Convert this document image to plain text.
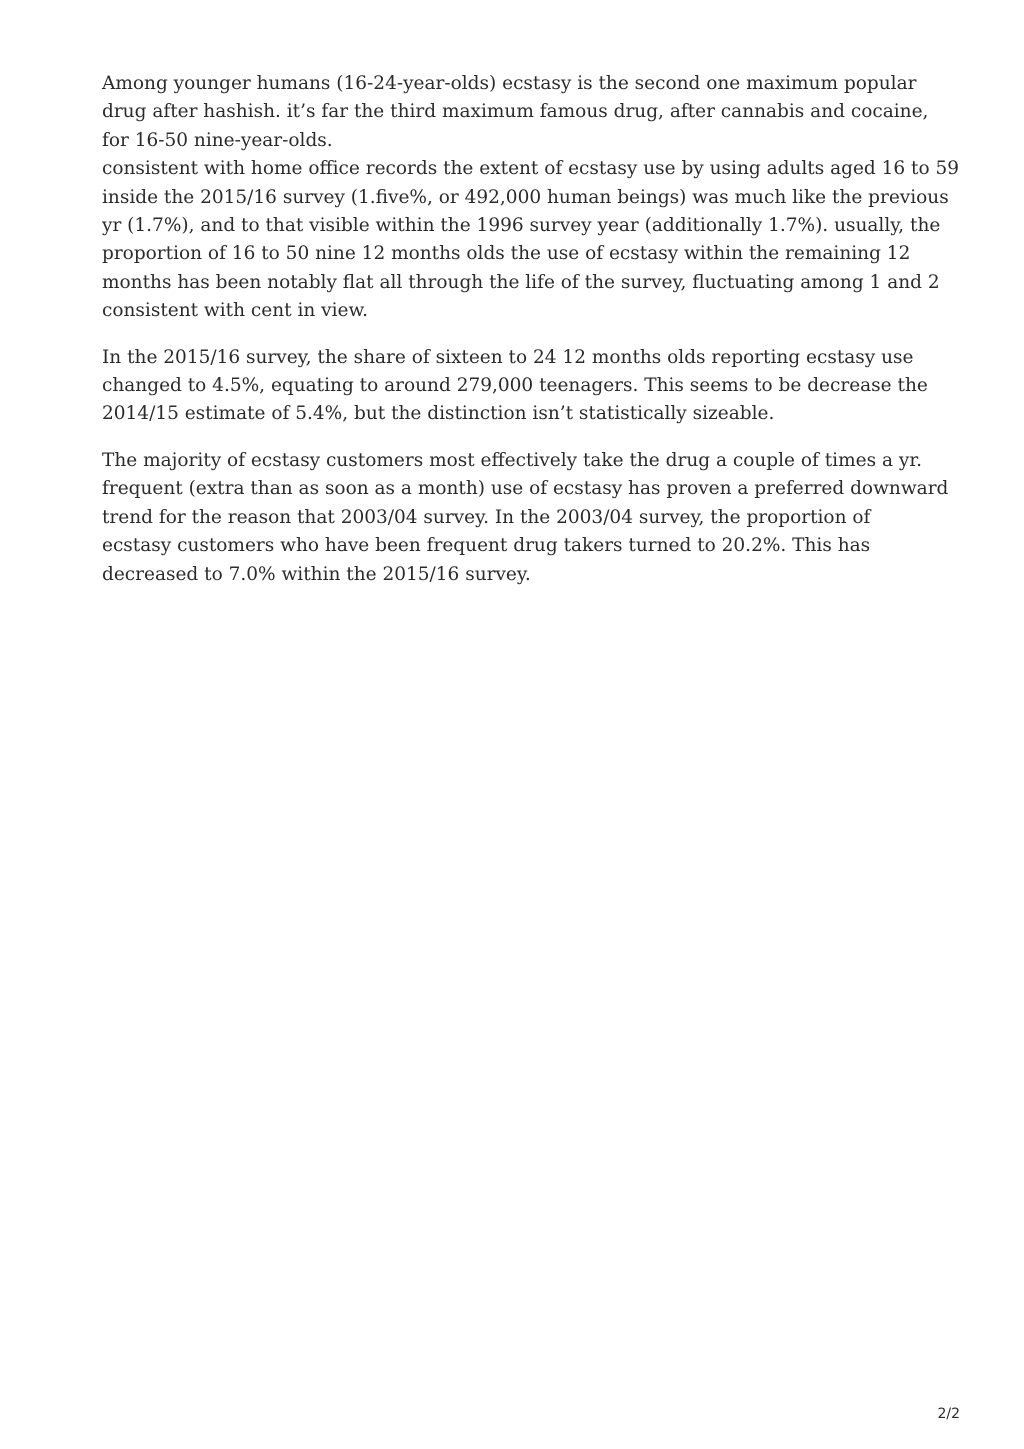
Among younger humans (16-24-year-olds) ecstasy is the second one maximum popular
drug after hashish. it’s far the third maximum famous drug, after cannabis and cocaine,
for 16-50 nine-year-olds.
consistent with home office records the extent of ecstasy use by using adults aged 16 to 59
inside the 2015/16 survey (1.five%, or 492,000 human beings) was much like the previous
yr (1.7%), and to that visible within the 1996 survey year (additionally 1.7%). usually, the
proportion of 16 to 50 nine 12 months olds the use of ecstasy within the remaining 12
months has been notably flat all through the life of the survey, fluctuating among 1 and 2
consistent with cent in view.

In the 2015/16 survey, the share of sixteen to 24 12 months olds reporting ecstasy use
changed to 4.5%, equating to around 279,000 teenagers. This seems to be decrease the
2014/15 estimate of 5.4%, but the distinction isn’t statistically sizeable.

The majority of ecstasy customers most effectively take the drug a couple of times a yr.
frequent (extra than as soon as a month) use of ecstasy has proven a preferred downward
trend for the reason that 2003/04 survey. In the 2003/04 survey, the proportion of
ecstasy customers who have been frequent drug takers turned to 20.2%. This has
decreased to 7.0% within the 2015/16 survey.

2/2
